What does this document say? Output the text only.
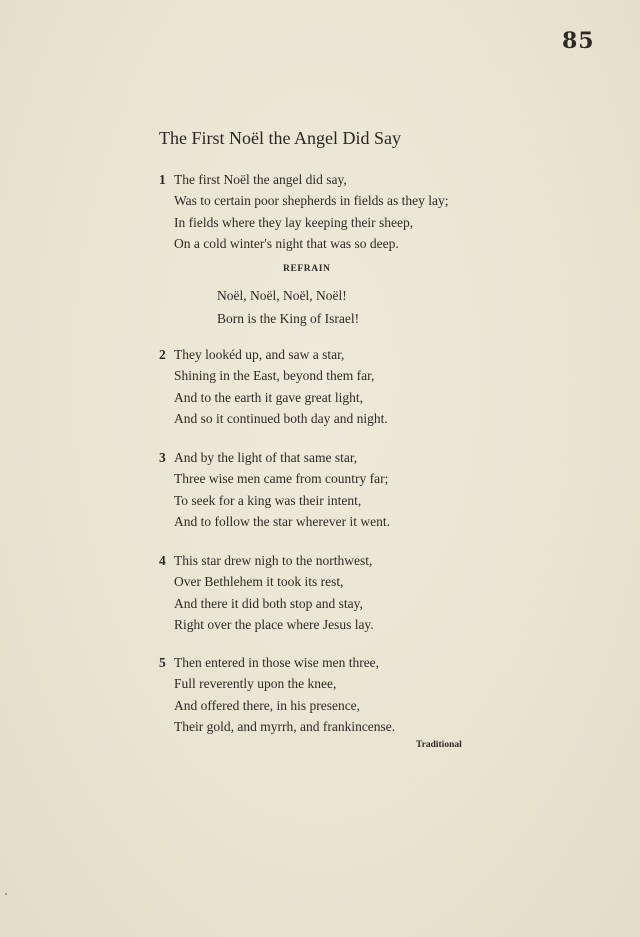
85
The First Noël the Angel Did Say
1 The first Noël the angel did say,
Was to certain poor shepherds in fields as they lay;
In fields where they lay keeping their sheep,
On a cold winter's night that was so deep.
REFRAIN
Noël, Noël, Noël, Noël!
Born is the King of Israel!
2 They lookéd up, and saw a star,
Shining in the East, beyond them far,
And to the earth it gave great light,
And so it continued both day and night.
3 And by the light of that same star,
Three wise men came from country far;
To seek for a king was their intent,
And to follow the star wherever it went.
4 This star drew nigh to the northwest,
Over Bethlehem it took its rest,
And there it did both stop and stay,
Right over the place where Jesus lay.
5 Then entered in those wise men three,
Full reverently upon the knee,
And offered there, in his presence,
Their gold, and myrrh, and frankincense.
Traditional
